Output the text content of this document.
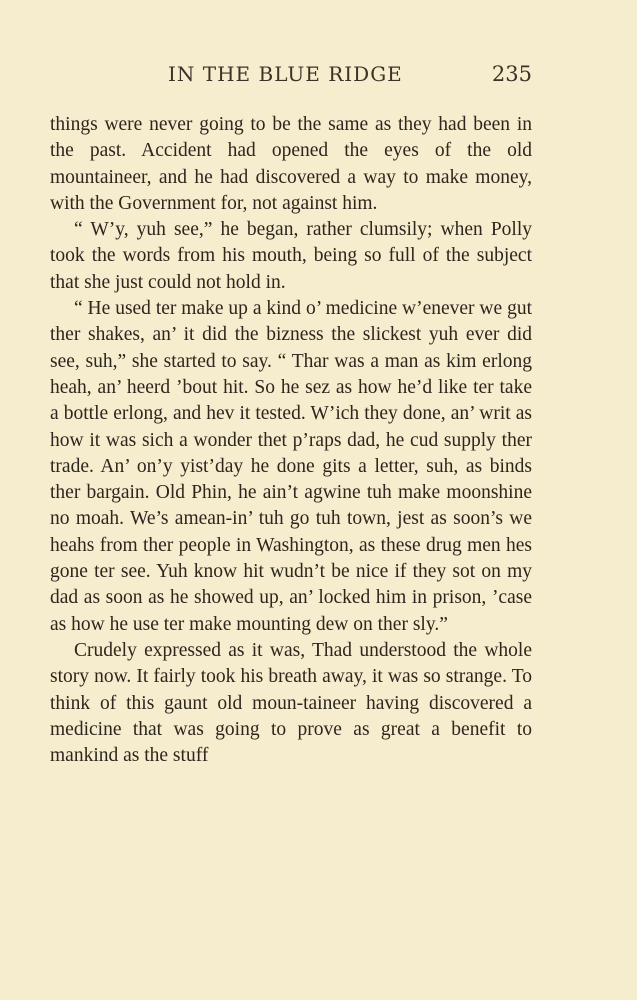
IN THE BLUE RIDGE	235

things were never going to be the same as they had been in the past. Accident had opened the eyes of the old mountaineer, and he had discovered a way to make money, with the Government for, not against him.

“ W’y, yuh see,” he began, rather clumsily; when Polly took the words from his mouth, being so full of the subject that she just could not hold in.

“ He used ter make up a kind o’ medicine w’enever we gut ther shakes, an’ it did the bizness the slickest yuh ever did see, suh,” she started to say. “ Thar was a man as kim erlong heah, an’ heerd ’bout hit. So he sez as how he’d like ter take a bottle erlong, and hev it tested. W’ich they done, an’ writ as how it was sich a wonder thet p’raps dad, he cud supply ther trade. An’ on’y yist’day he done gits a letter, suh, as binds ther bargain. Old Phin, he ain’t agwine tuh make moonshine no moah. We’s amean-in’ tuh go tuh town, jest as soon’s we heahs from ther people in Washington, as these drug men hes gone ter see. Yuh know hit wudn’t be nice if they sot on my dad as soon as he showed up, an’ locked him in prison, ’case as how he use ter make mounting dew on ther sly.”

Crudely expressed as it was, Thad understood the whole story now. It fairly took his breath away, it was so strange. To think of this gaunt old moun-taineer having discovered a medicine that was going to prove as great a benefit to mankind as the stuff
